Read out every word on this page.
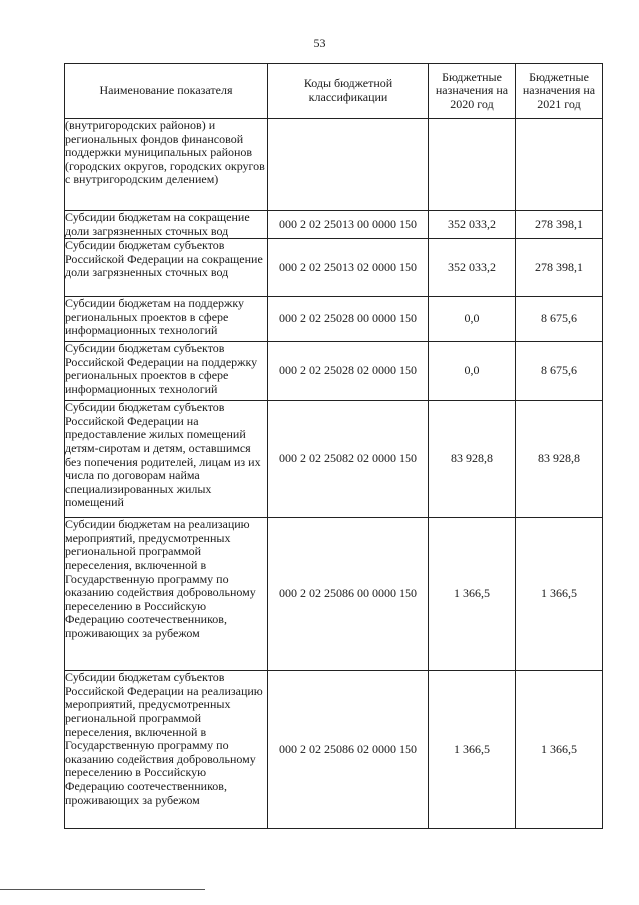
53
Наименование показателя	Коды бюджетной классификации	Бюджетные назначения на 2020 год	Бюджетные назначения на 2021 год
(внутригородских районов) и региональных фондов финансовой поддержки муниципальных районов (городских округов, городских округов с внутригородским делением)			
Субсидии бюджетам на сокращение доли загрязненных сточных вод	000 2 02 25013 00 0000 150	352 033,2	278 398,1
Субсидии бюджетам субъектов Российской Федерации на сокращение доли загрязненных сточных вод	000 2 02 25013 02 0000 150	352 033,2	278 398,1
Субсидии бюджетам на поддержку региональных проектов в сфере информационных технологий	000 2 02 25028 00 0000 150	0,0	8 675,6
Субсидии бюджетам субъектов Российской Федерации на поддержку региональных проектов в сфере информационных технологий	000 2 02 25028 02 0000 150	0,0	8 675,6
Субсидии бюджетам субъектов Российской Федерации на предоставление жилых помещений детям-сиротам и детям, оставшимся без попечения родителей, лицам из их числа по договорам найма специализированных жилых помещений	000 2 02 25082 02 0000 150	83 928,8	83 928,8
Субсидии бюджетам на реализацию мероприятий, предусмотренных региональной программой переселения, включенной в Государственную программу по оказанию содействия добровольному переселению в Российскую Федерацию соотечественников, проживающих за рубежом	000 2 02 25086 00 0000 150	1 366,5	1 366,5
Субсидии бюджетам субъектов Российской Федерации на реализацию мероприятий, предусмотренных региональной программой переселения, включенной в Государственную программу по оказанию содействия добровольному переселению в Российскую Федерацию соотечественников, проживающих за рубежом	000 2 02 25086 02 0000 150	1 366,5	1 366,5
